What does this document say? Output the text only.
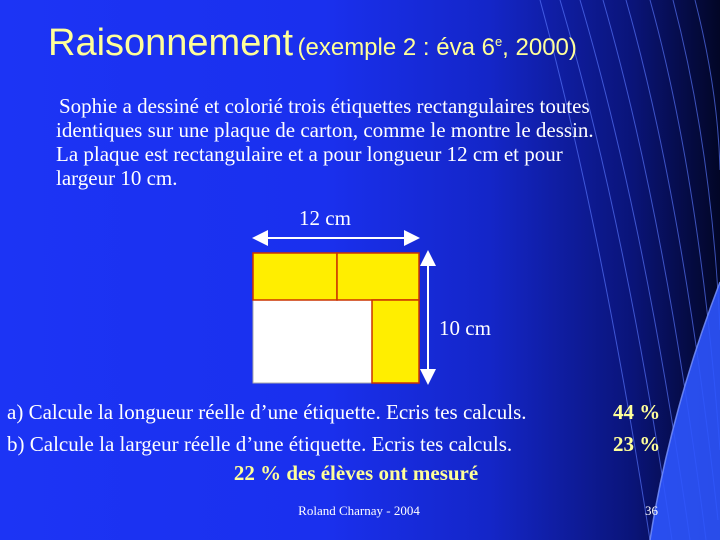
Raisonnement (exemple 2 : éva 6e, 2000)
Sophie a dessiné et colorié trois étiquettes rectangulaires toutes
identiques sur une plaque de carton, comme le montre le dessin.
La plaque est rectangulaire et a pour longueur 12 cm et pour
largeur 10 cm.
12 cm
10 cm
a) Calcule la longueur réelle d’une étiquette. Ecris tes calculs.	44 %
b) Calcule la largeur réelle d’une étiquette. Ecris tes calculs.	23 %
22 % des élèves ont mesuré
Roland Charnay - 2004	36
